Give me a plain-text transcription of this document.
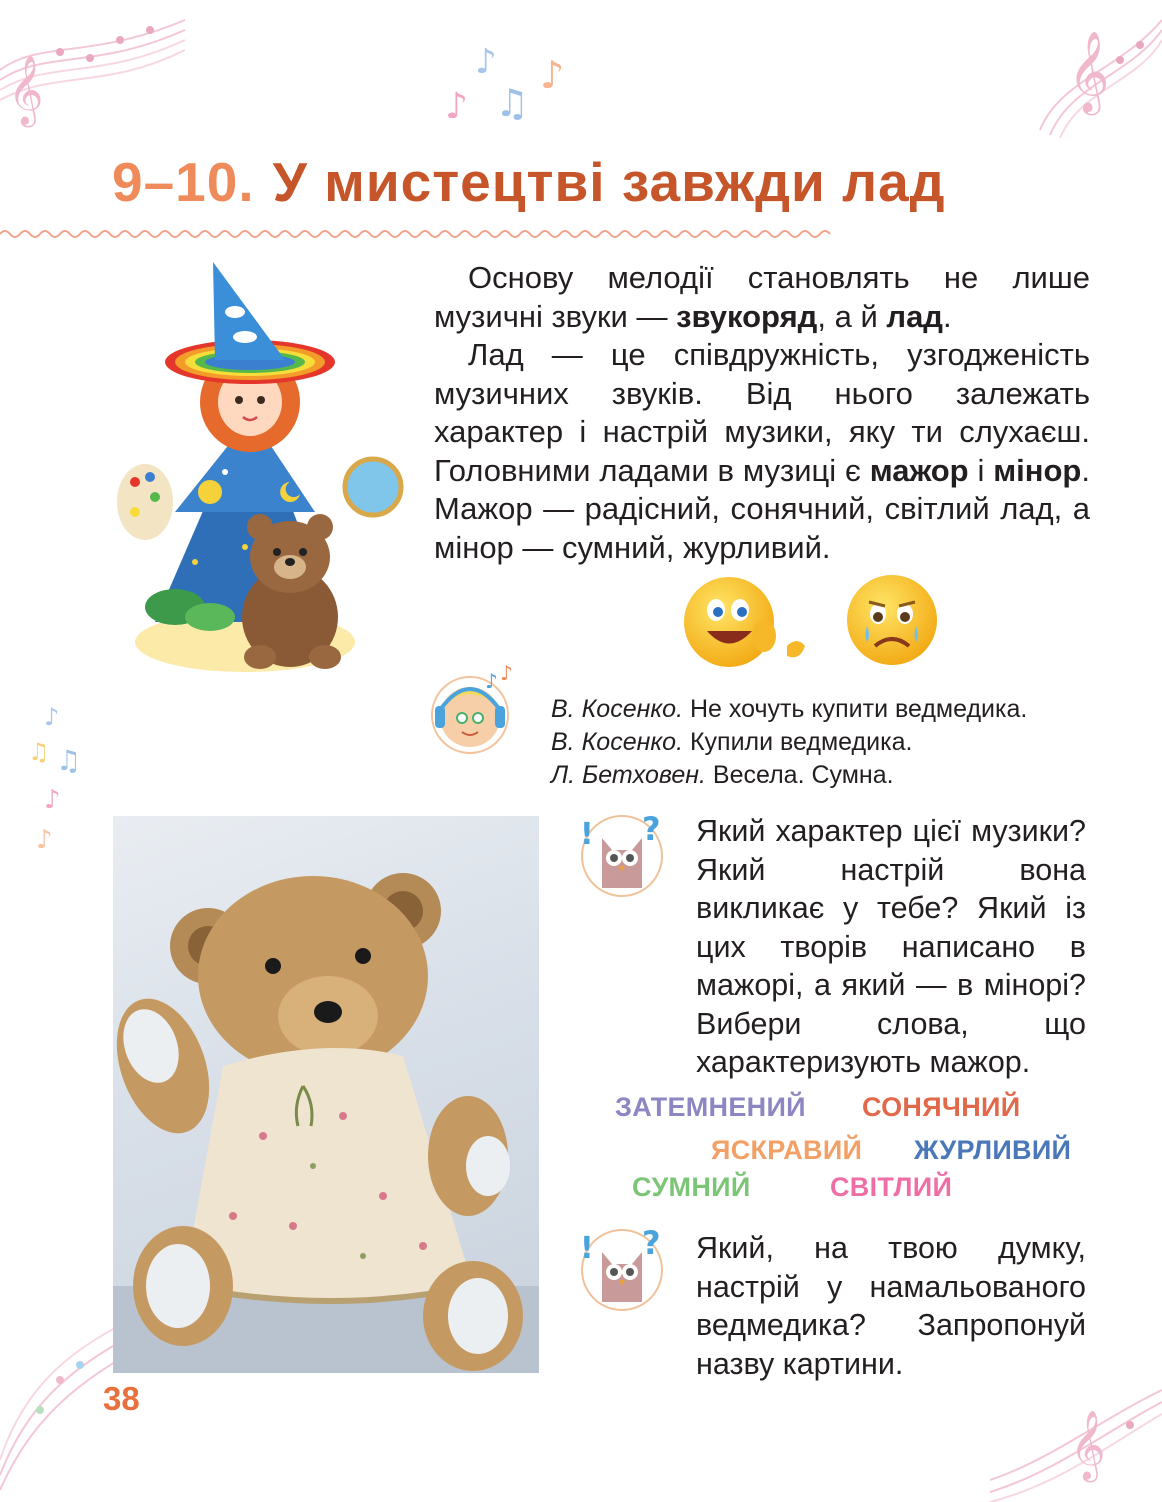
𝄞	𝄞
♪
♪
♫
♪
♪
♫ ♫
♪
♪
𝄞
9–10. У мистецтві завжди лад

Основу мелодії становлять не лише музичні звуки — звукоряд, а й лад.

Лад — це співдружність, узгодженість музичних звуків. Від нього залежать характер і настрій музики, яку ти слухаєш. Головними ладами в музиці є мажор і мінор. Мажор — радісний, сонячний, світлий лад, а мінор — сумний, журливий.

♪ ♪
В. Косенко. Не хочуть купити ведмедика.
В. Косенко. Купили ведмедика.
Л. Бетховен. Весела. Сумна.
! ?
! ?
Який характер цієї музики? Який настрій вона викликає у тебе? Який із цих творів написано в мажорі, а який — в мінорі? Вибери слова, що характеризують мажор.
ЗАТЕМНЕНИЙ СОНЯЧНИЙ
ЯСКРАВИЙ ЖУРЛИВИЙ
СУМНИЙ	СВІТЛИЙ
Який, на твою думку, настрій у намальованого ведмедика? Запропонуй назву картини.
38
